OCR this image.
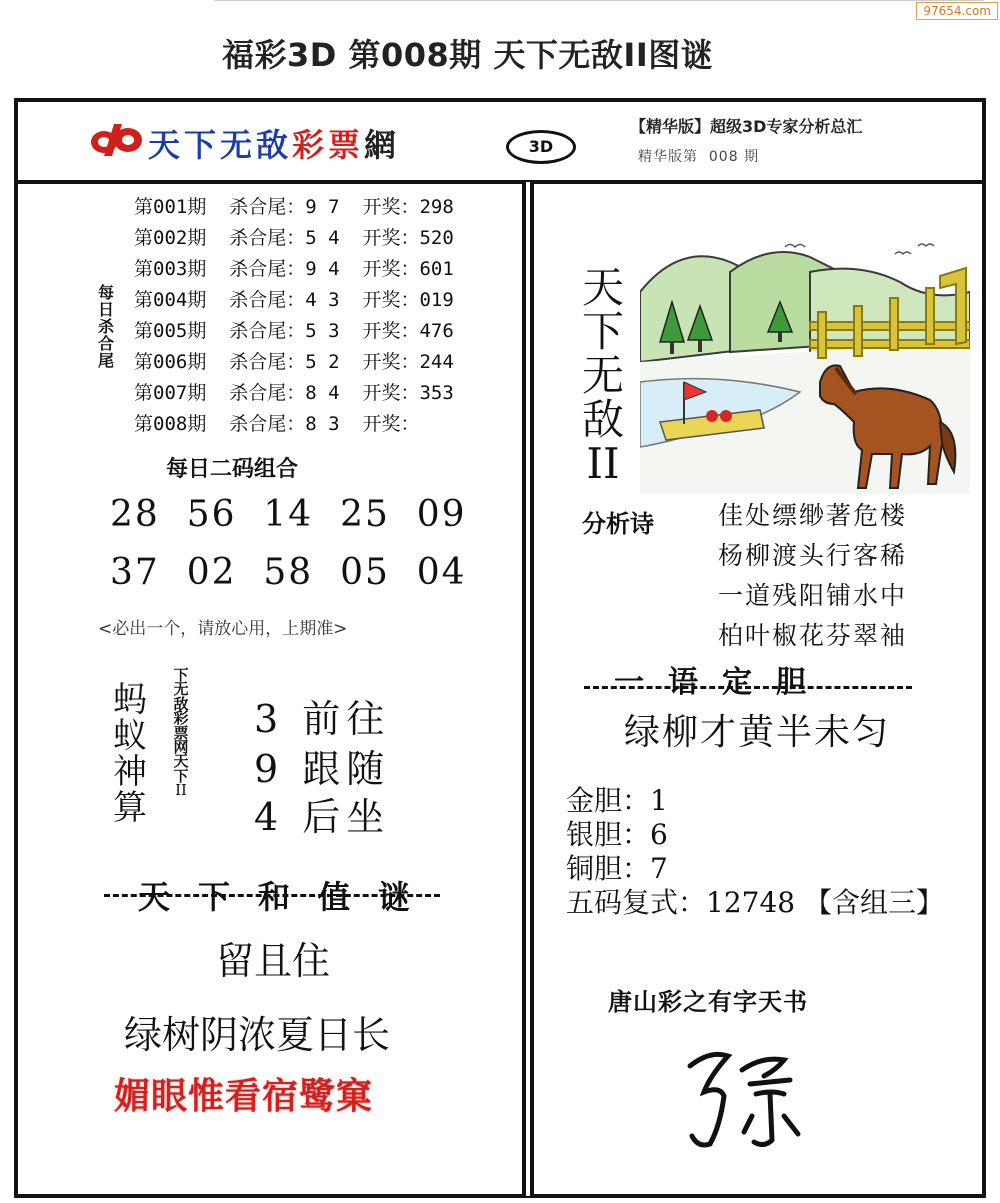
97654.com
福彩3D 第008期 天下无敌II图谜
天下无敌彩票網	3D
【精华版】超级3D专家分析总汇
精华版第  008 期
每
日
杀
合
尾
第001期 杀合尾：9 7 开奖：298
第002期 杀合尾：5 4 开奖：520
第003期 杀合尾：9 4 开奖：601
第004期 杀合尾：4 3 开奖：019
第005期 杀合尾：5 3 开奖：476
第006期 杀合尾：5 2 开奖：244
第007期 杀合尾：8 4 开奖：353
第008期 杀合尾：8 3 开奖：
每日二码组合
28  56  14  25  09
37  02  58  05  04
<必出一个，请放心用，上期准>
蚂
蚁
神
算
下
无
敌
彩
票
网
天
下
II
3 前往
9 跟随
4 后坐
天下和值谜
留且住
绿树阴浓夏日长
媚眼惟看宿鹭窠
天
下
无
敌
II
分析诗	佳处缥缈著危楼
杨柳渡头行客稀
一道残阳铺水中
柏叶椒花芬翠袖
一语定胆
绿柳才黄半未匀
金胆：1
银胆：6
铜胆：7
五码复式：12748 【含组三】
唐山彩之有字天书
